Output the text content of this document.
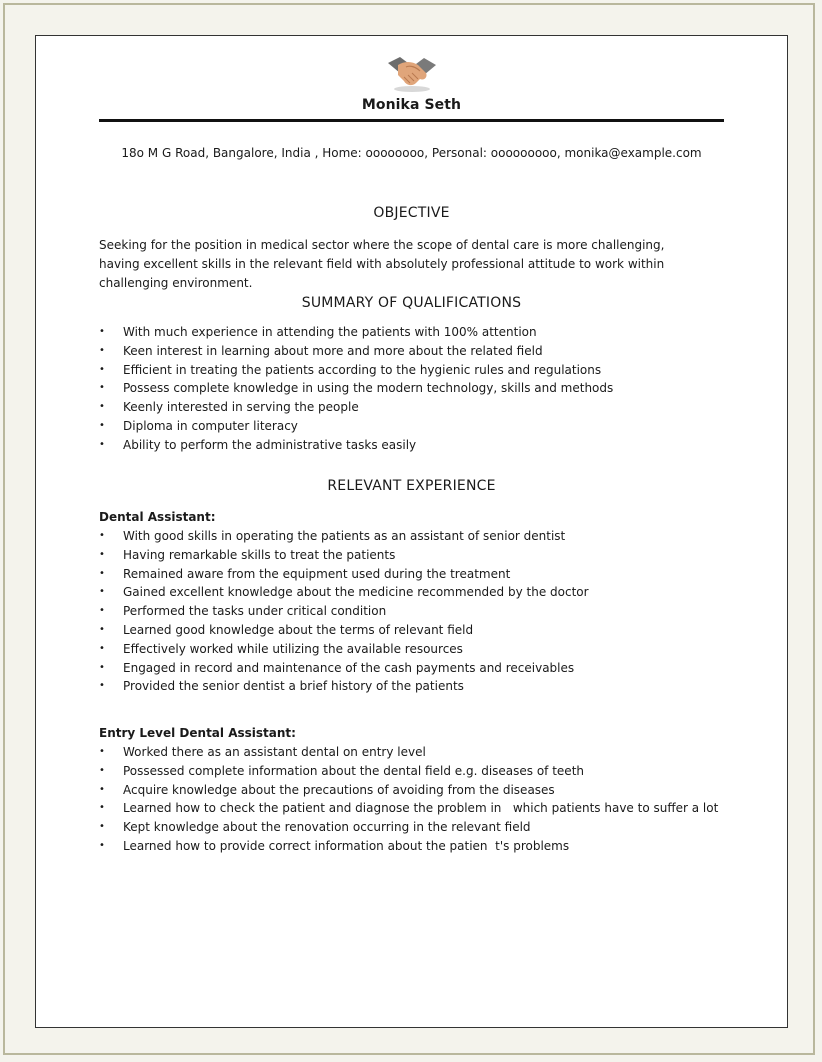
Monika Seth
18o M G Road, Bangalore, India , Home: oooooooo, Personal: ooooooooo, monika@example.com
OBJECTIVE
Seeking for the position in medical sector where the scope of dental care is more challenging, having excellent skills in the relevant field with absolutely professional attitude to work within challenging environment.
SUMMARY OF QUALIFICATIONS
• With much experience in attending the patients with 100% attention
• Keen interest in learning about more and more about the related field
• Efficient in treating the patients according to the hygienic rules and regulations
• Possess complete knowledge in using the modern technology, skills and methods
• Keenly interested in serving the people
• Diploma in computer literacy
• Ability to perform the administrative tasks easily
RELEVANT EXPERIENCE
Dental Assistant:
• With good skills in operating the patients as an assistant of senior dentist
• Having remarkable skills to treat the patients
• Remained aware from the equipment used during the treatment
• Gained excellent knowledge about the medicine recommended by the doctor
• Performed the tasks under critical condition
• Learned good knowledge about the terms of relevant field
• Effectively worked while utilizing the available resources
• Engaged in record and maintenance of the cash payments and receivables
• Provided the senior dentist a brief history of the patients
Entry Level Dental Assistant:
• Worked there as an assistant dental on entry level
• Possessed complete information about the dental field e.g. diseases of teeth
• Acquire knowledge about the precautions of avoiding from the diseases
• Learned how to check the patient and diagnose the problem in   which patients have to suffer a lot
• Kept knowledge about the renovation occurring in the relevant field
• Learned how to provide correct information about the patien  t's problems
